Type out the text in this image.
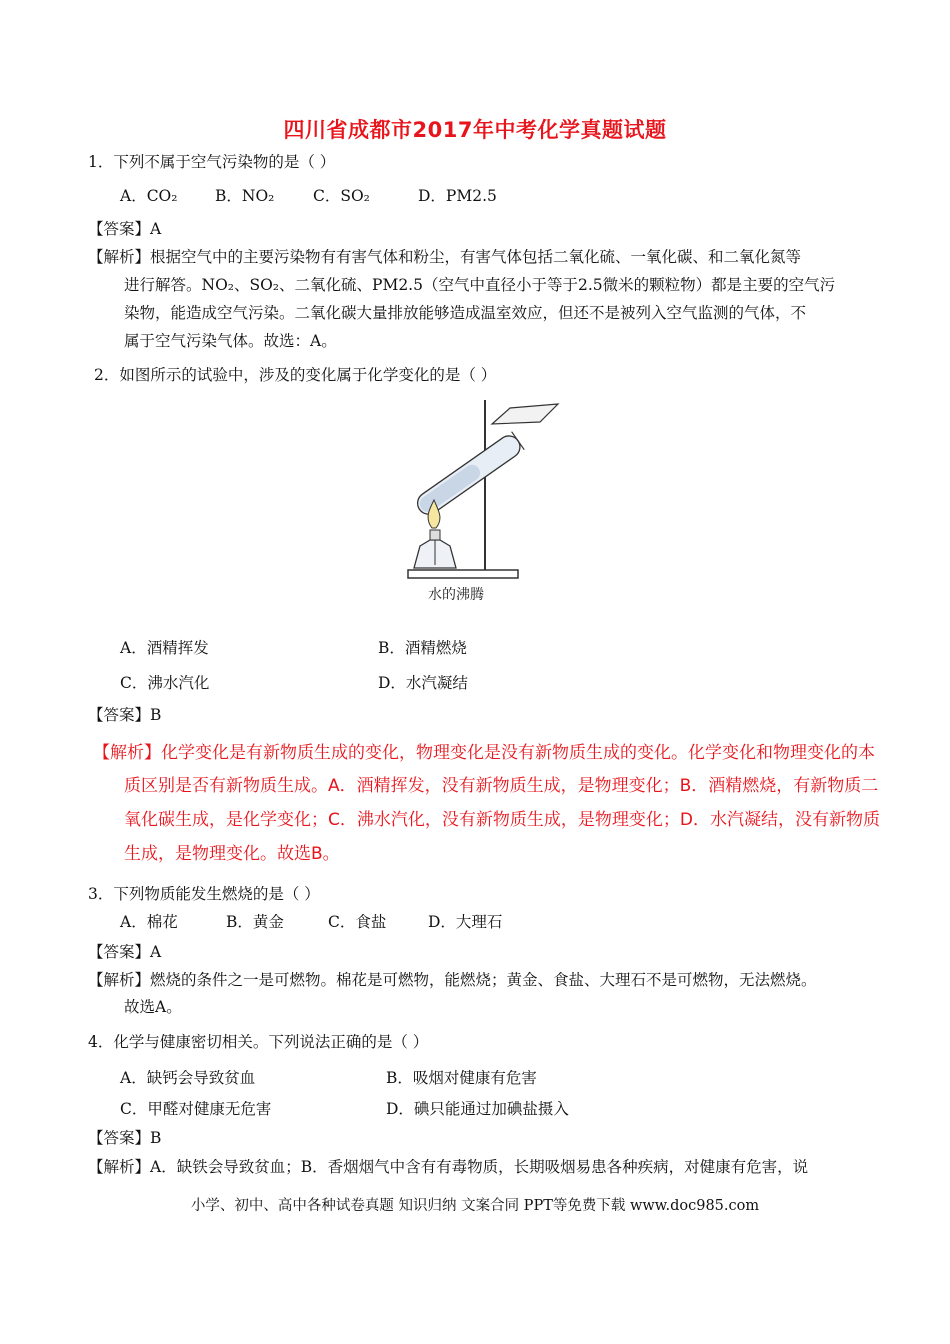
四川省成都市2017年中考化学真题试题
1．下列不属于空气污染物的是（ ）
A．CO₂ B．NO₂ C．SO₂	D．PM2.5
【答案】A
【解析】根据空气中的主要污染物有有害气体和粉尘，有害气体包括二氧化硫、一氧化碳、和二氧化氮等
进行解答。NO₂、SO₂、二氧化硫、PM2.5（空气中直径小于等于2.5微米的颗粒物）都是主要的空气污
染物，能造成空气污染。二氧化碳大量排放能够造成温室效应，但还不是被列入空气监测的气体，不
属于空气污染气体。故选：A。
2．如图所示的试验中，涉及的变化属于化学变化的是（ ）
水的沸腾
A．酒精挥发	B．酒精燃烧
C．沸水汽化	D．水汽凝结
【答案】B
【解析】化学变化是有新物质生成的变化，物理变化是没有新物质生成的变化。化学变化和物理变化的本
质区别是否有新物质生成。A．酒精挥发，没有新物质生成，是物理变化；B．酒精燃烧，有新物质二
氧化碳生成，是化学变化；C．沸水汽化，没有新物质生成，是物理变化；D．水汽凝结，没有新物质
生成，是物理变化。故选B。
3．下列物质能发生燃烧的是（ ）
A．棉花	B．黄金	C．食盐	D．大理石
【答案】A
【解析】燃烧的条件之一是可燃物。棉花是可燃物，能燃烧；黄金、食盐、大理石不是可燃物，无法燃烧。
故选A。
4．化学与健康密切相关。下列说法正确的是（ ）
A．缺钙会导致贫血	B．吸烟对健康有危害
C．甲醛对健康无危害	D．碘只能通过加碘盐摄入
【答案】B
【解析】A．缺铁会导致贫血；B．香烟烟气中含有有毒物质，长期吸烟易患各种疾病，对健康有危害，说
小学、初中、高中各种试卷真题 知识归纳 文案合同 PPT等免费下载 www.doc985.com
